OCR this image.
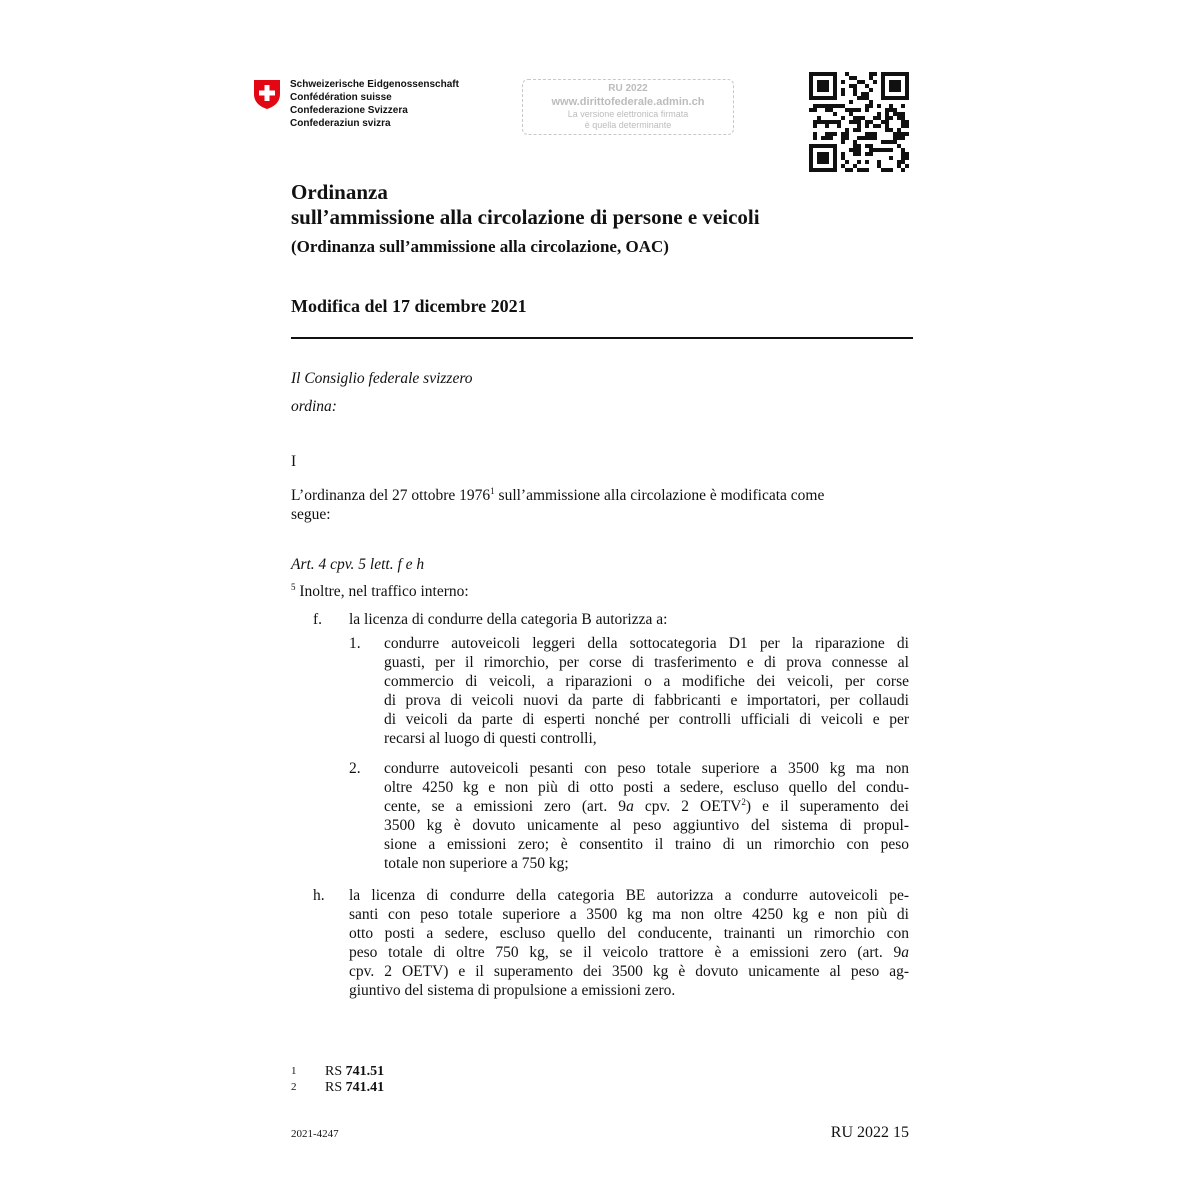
Schweizerische Eidgenossenschaft
Confédération suisse
Confederazione Svizzera
Confederaziun svizra
RU 2022
www.dirittofederale.admin.ch
La versione elettronica firmata
è quella determinante
Ordinanza
sull’ammissione alla circolazione di persone e veicoli
(Ordinanza sull’ammissione alla circolazione, OAC)
Modifica del 17 dicembre 2021
Il Consiglio federale svizzero
ordina:
I
L’ordinanza del 27 ottobre 1976$^1$ sull’ammissione alla circolazione è modificata come
segue:
Art. 4 cpv. 5 lett. f e h
$^5$ Inoltre, nel traffico interno:
f. la licenza di condurre della categoria B autorizza a:
1. condurre autoveicoli leggeri della sottocategoria D1 per la riparazione di
guasti, per il rimorchio, per corse di trasferimento e di prova connesse al
commercio di veicoli, a riparazioni o a modifiche dei veicoli, per corse
di prova di veicoli nuovi da parte di fabbricanti e importatori, per collaudi
di veicoli da parte di esperti nonché per controlli ufficiali di veicoli e per
recarsi al luogo di questi controlli,
2. condurre autoveicoli pesanti con peso totale superiore a 3500 kg ma non
oltre 4250 kg e non più di otto posti a sedere, escluso quello del condu-
cente, se a emissioni zero (art. 9a cpv. 2 OETV$^2$) e il superamento dei
3500 kg è dovuto unicamente al peso aggiuntivo del sistema di propul-
sione a emissioni zero; è consentito il traino di un rimorchio con peso
totale non superiore a 750 kg;
h. la licenza di condurre della categoria BE autorizza a condurre autoveicoli pe-
santi con peso totale superiore a 3500 kg ma non oltre 4250 kg e non più di
otto posti a sedere, escluso quello del conducente, trainanti un rimorchio con
peso totale di oltre 750 kg, se il veicolo trattore è a emissioni zero (art. 9a
cpv. 2 OETV) e il superamento dei 3500 kg è dovuto unicamente al peso ag-
giuntivo del sistema di propulsione a emissioni zero.
1 RS 741.51
2 RS 741.41
2021-4247	RU 2022 15
